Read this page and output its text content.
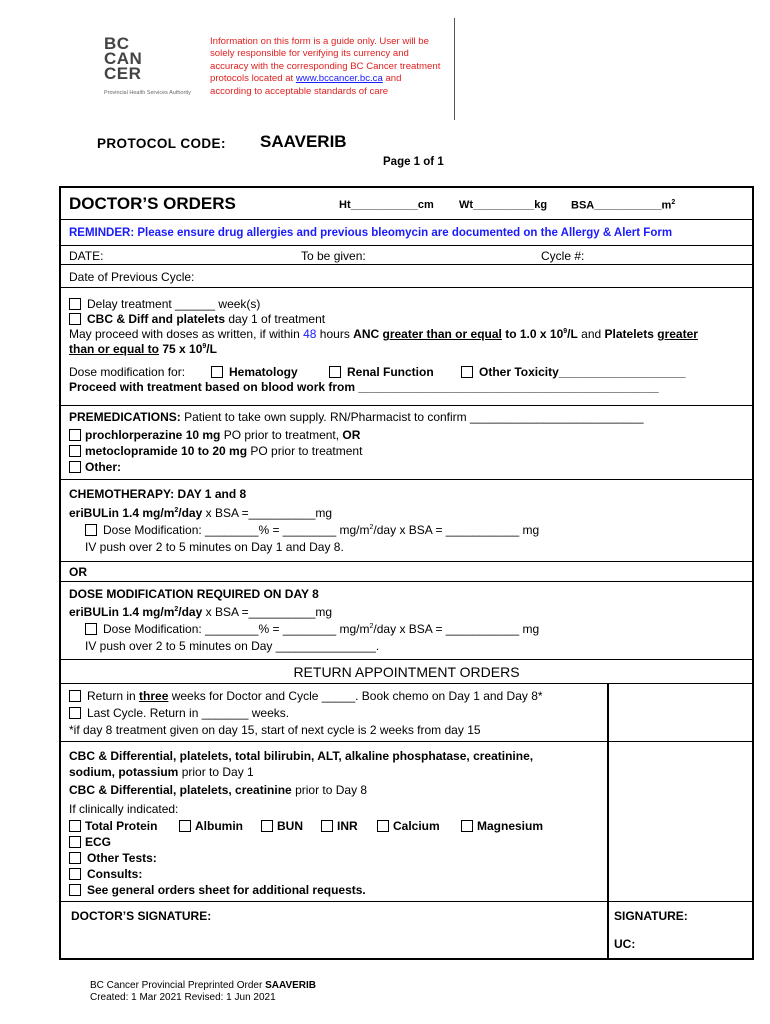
BC
CAN
CER
Provincial Health Services Authority
Information on this form is a guide only. User will be solely responsible for verifying its currency and accuracy with the corresponding BC Cancer treatment protocols located at www.bccancer.bc.ca and according to acceptable standards of care
PROTOCOL CODE: SAAVERIB
Page 1 of 1
DOCTOR’S ORDERS	Ht___________cm Wt__________kg $BSA\_\_\_\_\_\_\_\_\_\_\_m^2$
REMINDER: Please ensure drug allergies and previous bleomycin are documented on the Allergy & Alert Form
DATE:	To be given:	Cycle #:
Date of Previous Cycle:
Delay treatment ______ week(s)
CBC & Diff and platelets day 1 of treatment
May proceed with doses as written, if within 48 hours ANC greater than or equal to 1.0 x $10^9/L$ and Platelets greater
than or equal to 75 x $10^9/L$
Dose modification for:	Hematology	Renal Function	Other Toxicity___________________
Proceed with treatment based on blood work from _____________________________________________
PREMEDICATIONS: Patient to take own supply. RN/Pharmacist to confirm __________________________
prochlorperazine 10 mg PO prior to treatment, OR
metoclopramide 10 to 20 mg PO prior to treatment
Other:
CHEMOTHERAPY: DAY 1 and 8
eriBULin 1.4 $mg/m^2$/day x BSA =__________mg
Dose Modification: ________% = ________ $mg/m^2$/day x BSA = ___________ mg
IV push over 2 to 5 minutes on Day 1 and Day 8.
OR
DOSE MODIFICATION REQUIRED ON DAY 8
eriBULin 1.4 $mg/m^2$/day x BSA =__________mg
Dose Modification: ________% = ________ $mg/m^2$/day x BSA = ___________ mg
IV push over 2 to 5 minutes on Day _______________.
RETURN APPOINTMENT ORDERS
Return in three weeks for Doctor and Cycle _____. Book chemo on Day 1 and Day 8*
Last Cycle. Return in _______ weeks.
*if day 8 treatment given on day 15, start of next cycle is 2 weeks from day 15
CBC & Differential, platelets, total bilirubin, ALT, alkaline phosphatase, creatinine,
sodium, potassium prior to Day 1
CBC & Differential, platelets, creatinine prior to Day 8
If clinically indicated:
Total Protein	Albumin	BUN	INR	Calcium	Magnesium
ECG
Other Tests:
Consults:
See general orders sheet for additional requests.
DOCTOR’S SIGNATURE:	SIGNATURE:
UC:
BC Cancer Provincial Preprinted Order SAAVERIB
Created: 1 Mar 2021 Revised: 1 Jun 2021
